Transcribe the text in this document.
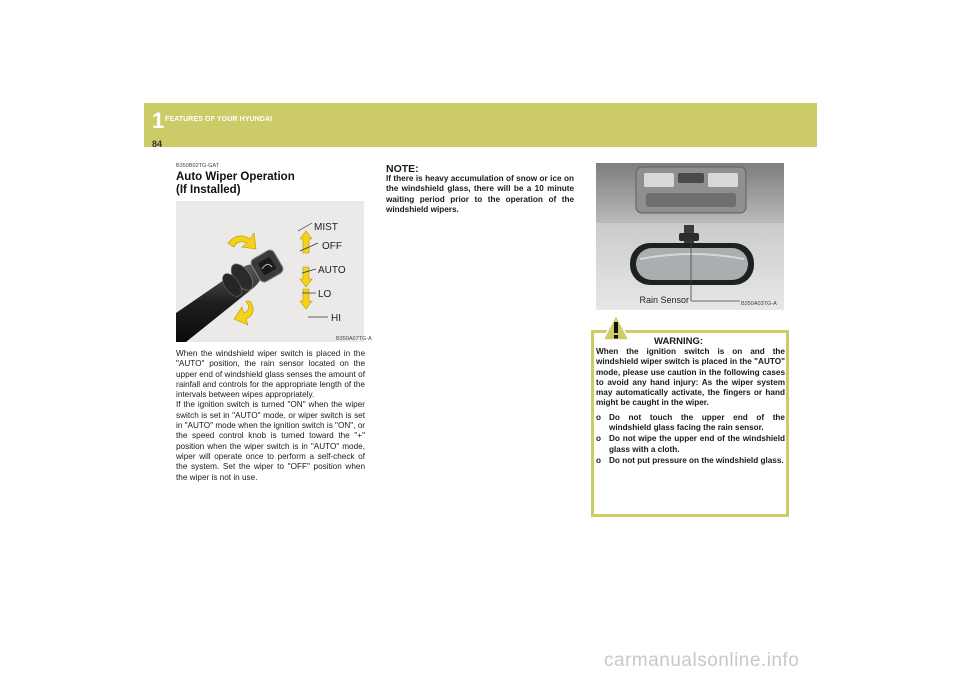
1 FEATURES OF YOUR HYUNDAI
84
B350B02TG-GAT
Auto Wiper Operation
(If Installed)
MIST
OFF
AUTO
LO
HI
B350A07TG-A

When the windshield wiper switch is placed in the "AUTO" position, the rain sensor located on the upper end of windshield glass senses the amount of rainfall and controls for the appropriate length of the intervals between wipes appropriately.

If the ignition switch is turned "ON" when the wiper switch is set in "AUTO" mode, or wiper switch is set in "AUTO" mode when the ignition switch is "ON", or the speed control knob is turned toward the "+" position when the wiper switch is in "AUTO" mode, wiper will operate once to perform a self-check of the system. Set the wiper to "OFF" position when the wiper is not in use.

NOTE:
If there is heavy accumulation of snow or ice on the windshield glass, there will be a 10 minute waiting period prior to the operation of the windshield wipers.
Rain Sensor	B350A03TG-A
WARNING:

When the ignition switch is on and the windshield wiper switch is placed in the "AUTO" mode, please use caution in the following cases to avoid any hand injury: As the wiper system may automatically activate, the fingers or hand might be caught in the wiper.

o Do not touch the upper end of the windshield glass facing the rain sensor.
o Do not wipe the upper end of the windshield glass with a cloth.
o Do not put pressure on the windshield glass.
carmanualsonline.info
